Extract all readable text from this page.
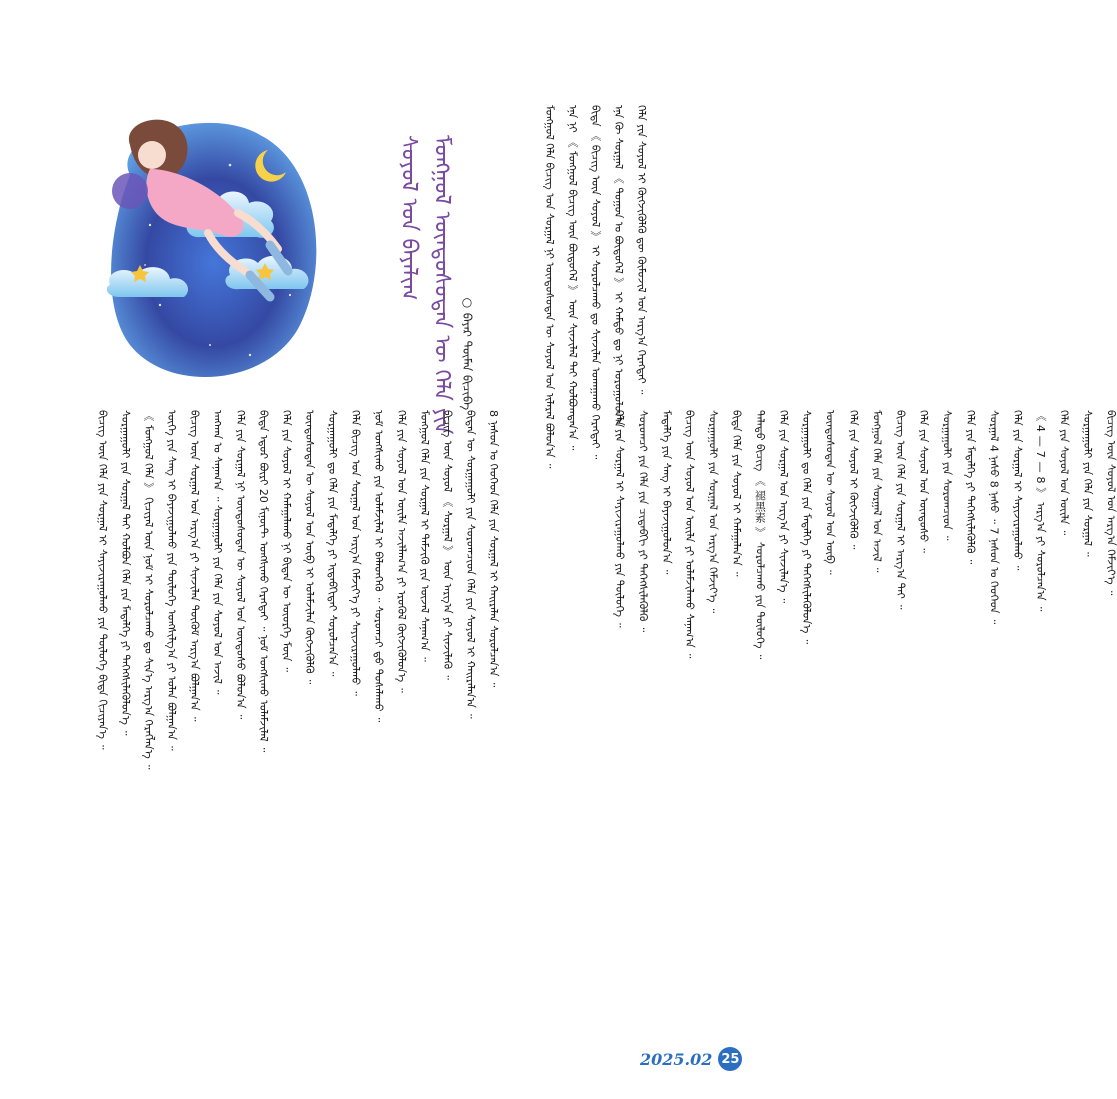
ᠮᠣᠩᠭᠣᠯ ᠦᠨᠳᠦᠰᠦᠲᠡᠨ ᠦ ᠬᠡᠯᠡ ᠶᠢᠨ
ᠰᠣᠶᠣᠯ ᠤᠨ ᠪᠠᠶᠠᠯᠢᠭ
○ ᠪᠠᠶᠠᠷ ᠲᠦᠮᠡᠨ ᠪᠢᠴᠢᠪᠡ	ᠮᠣᠩᠭᠣᠯ ᠬᠡᠯᠡ ᠪᠢᠴᠢᠭ ᠤᠨ ᠰᠤᠷᠭᠠᠯ ᠨᠢ ᠦᠨᠳᠦᠰᠦᠲᠡᠨ ᠦ ᠰᠣᠶᠣᠯ ᠤᠨ ᠢᠯᠡᠷᠡᠯ ᠪᠣᠯᠤᠨ᠎ᠠ ᠃ ᠡᠨᠡ ᠨᠢ 《 ᠮᠣᠩᠭᠣᠯ ᠪᠢᠴᠢᠭ ᠦᠨ ᠪᠦᠲᠦᠭᠡᠯ 》 ᠦᠨ ᠰᠢᠨᠵᠢᠯᠡᠯ ᠲᠡᠢ ᠬᠣᠯᠪᠣᠭᠳᠠᠨ᠎ᠠ ᠃ ᠪᠢᠳᠡ 《 ᠪᠢᠴᠢᠭ᠌ ᠦᠨ ᠰᠣᠶᠣᠯ 》 ᠢ ᠰᠤᠷᠤᠯᠴᠠᠬᠤ ᠳᠤ ᠰᠢᠨᠵᠢᠯᠡᠨ ᠤᠬᠠᠭᠠᠬᠤ ᠬᠡᠷᠡᠭᠲᠡᠢ ᠃ ᠡᠨᠡ ᠬᠦ ᠰᠤᠷᠭᠠᠯ 《 ᠲᠣᠭᠣᠨ ᠤ ᠪᠦᠲᠦᠭᠡᠯ 》 ᠢ ᠬᠠᠮᠲᠤ ᠳᠤ ᠨᠢ ᠣᠷᠣᠭᠤᠯᠤᠨ᠎ᠠ ᠃ ᠬᠡᠯᠡ ᠶᠢᠨ ᠰᠣᠶᠣᠯ ᠢ ᠬᠥᠭᠵᠢᠭᠦᠯᠬᠦ ᠳᠦ ᠬᠦᠮᠦᠵᠢᠯ ᠤᠨ ᠠᠷᠭ᠎ᠠ ᠬᠡᠷᠡᠭᠲᠡᠢ ᠃
ᠪᠢᠴᠢᠭ᠌ ᠦᠨ ᠬᠡᠯᠡ ᠶᠢᠨ ᠰᠤᠷᠭᠠᠯ ᠢ ᠰᠠᠶᠢᠵᠢᠷᠠᠭᠤᠯᠬᠤ ᠶᠢᠨ ᠲᠥᠯᠥᠭᠡ ᠪᠢᠳᠡ ᠬᠢᠴᠢᠶᠡᠨ᠎ᠡ ᠃ ᠰᠤᠷᠭᠠᠭᠤᠯᠢ ᠶᠢᠨ ᠰᠤᠷᠭᠠᠯ ᠲᠠᠢ ᠬᠣᠯᠪᠣᠨ ᠬᠡᠯᠡ ᠶᠢᠨ ᠮᠡᠳᠡᠯᠭᠡ ᠶᠢ ᠳᠡᠭᠡᠭᠰᠢᠯᠡᠭᠦᠯᠦᠨ᠎ᠡ ᠃ 《 ᠮᠣᠩᠭᠣᠯ ᠬᠡᠯᠡ 》 ᠬᠢᠴᠢᠶᠡᠯ ᠦᠨ ᠨᠣᠮ ᠢ ᠰᠤᠷᠤᠯᠴᠠᠬᠤ ᠳᠤ ᠰᠢᠨ᠎ᠡ ᠠᠷᠭ᠎ᠠ ᠬᠡᠷᠡᠭᠯᠡᠨ᠎ᠡ ᠃ ᠦᠭᠡ ᠶᠢᠨ ᠰᠠᠩ ᠢ ᠪᠠᠶᠠᠵᠢᠭᠤᠯᠬᠤ ᠶᠢᠨ ᠲᠥᠯᠥᠭᠡ ᠤᠩᠰᠢᠯᠭ᠎ᠠ ᠶᠢ ᠣᠯᠠᠨ ᠪᠣᠯᠭᠠᠨ᠎ᠠ ᠃ ᠪᠢᠴᠢᠭ᠌ ᠦᠨ ᠰᠤᠷᠭᠠᠯ ᠤᠨ ᠠᠷᠭ᠎ᠠ ᠶᠢ ᠰᠢᠨᠵᠢᠯᠡᠨ ᠳᠦᠭᠦᠮ ᠠᠷᠭ᠎ᠠ ᠪᠣᠯᠭᠠᠨ᠎ᠠ ᠃ ᠠᠩᠬᠠᠨ ᠤ ᠰᠠᠨᠠᠭ᠎ᠠ ᠃ ᠰᠤᠷᠭᠠᠭᠤᠯᠢ ᠶᠢᠨ ᠬᠡᠯᠡ ᠶᠢᠨ ᠰᠣᠶᠣᠯ ᠤᠨ ᠠᠵᠢᠯ ᠃ ᠬᠡᠯᠡ ᠶᠢᠨ ᠰᠤᠷᠭᠠᠯ ᠨᠢ ᠦᠨᠳᠦᠰᠦᠲᠡᠨ ᠦ ᠰᠣᠶᠣᠯ ᠤᠨ ᠦᠨᠳᠦᠰᠦ ᠪᠣᠯᠤᠨ᠎ᠠ ᠃ ᠪᠢᠳᠡ ᠡᠳᠦᠷ ᠪᠦᠷᠢ 20 ᠮᠢᠨᠦ᠋ᠲ ᠤᠩᠰᠢᠬᠤ ᠬᠡᠷᠡᠭᠲᠡᠢ ᠃ ᠨᠣᠮ ᠤᠩᠰᠢᠬᠤ ᠤᠯᠠᠮᠵᠢᠯᠠᠯ ᠃ ᠬᠡᠯᠡ ᠶᠢᠨ ᠰᠣᠶᠣᠯ ᠢ ᠬᠠᠮᠠᠭᠠᠯᠠᠬᠤ ᠨᠢ ᠪᠢᠳᠡᠨ ᠦ ᠦᠦᠷᠭᠡ ᠮᠥᠨ ᠃ ᠦᠨᠳᠦᠰᠦᠲᠡᠨ ᠦ ᠰᠣᠶᠣᠯ ᠤᠨ ᠦᠪ ᠢ ᠤᠯᠠᠮᠵᠢᠯᠠᠨ ᠬᠥᠭᠵᠢᠭᠦᠯᠬᠦ ᠃ ᠰᠤᠷᠭᠠᠭᠤᠯᠢ ᠳᠤ ᠬᠡᠯᠡ ᠶᠢᠨ ᠮᠡᠳᠡᠯᠭᠡ ᠶᠢ ᠢᠳᠡᠪᠬᠢᠲᠡᠢ ᠰᠤᠷᠤᠯᠴᠠᠨ᠎ᠠ ᠃ ᠬᠡᠯᠡ ᠪᠢᠴᠢᠭ ᠤᠨ ᠰᠤᠷᠭᠠᠯ ᠤᠨ ᠠᠷᠭ᠎ᠠ ᠬᠡᠮᠵᠢᠶ᠎ᠡ ᠶᠢ ᠰᠠᠶᠢᠵᠢᠷᠠᠭᠤᠯᠬᠤ ᠃ ᠨᠣᠮ ᠤᠩᠰᠢᠬᠤ ᠶᠢᠨ ᠤᠯᠠᠮᠵᠢᠯᠠᠯ ᠢ ᠪᠡᠯᠡᠳᠬᠡᠬᠦ ᠃ ᠰᠤᠷᠤᠭᠴᠢ ᠳ᠋ᠤ ᠲᠤᠰᠠᠯᠠᠬᠤ ᠃ ᠬᠡᠯᠡ ᠶᠢᠨ ᠰᠣᠶᠣᠯ ᠤᠨ ᠦᠢᠯᠡ ᠠᠵᠢᠯᠯᠠᠭ᠎ᠠ ᠶᠢ ᠡᠷᠦᠭᠦᠯ ᠬᠥᠭᠵᠢᠭᠦᠯᠦᠨ᠎ᠡ ᠃ ᠮᠣᠩᠭᠣᠯ ᠬᠡᠯᠡ ᠶᠢᠨ ᠰᠤᠷᠭᠠᠯ ᠢ ᠳᠡᠮᠵᠢᠬᠦ ᠶᠢᠨ ᠦᠵᠡᠯ ᠰᠠᠨᠠᠭ᠎ᠠ ᠃ ᠪᠢᠴᠢᠭ᠌ ᠦᠨ ᠰᠣᠶᠣᠯ 《 ᠰᠤᠷᠭᠠᠯ 》 ᠦᠨ ᠠᠷᠭ᠎ᠠ ᠶᠢ ᠰᠢᠨᠵᠢᠯᠡᠬᠦ ᠃ ᠪᠢᠳᠡᠨ ᠦ ᠰᠤᠷᠭᠠᠭᠤᠯᠢ ᠶᠢᠨ ᠰᠤᠷᠤᠭᠴᠢᠳ ᠬᠡᠯᠡ ᠶᠢᠨ ᠰᠣᠶᠣᠯ ᠢ ᠬᠠᠢᠷᠠᠯᠠᠨ᠎ᠠ ᠃ 8 ᠨᠠᠰᠤᠨ ᠤ ᠬᠡᠦᠬᠡᠳ ᠬᠡᠯᠡ ᠶᠢᠨ ᠰᠤᠷᠭᠠᠯ ᠢ ᠬᠠᠢᠷᠠᠯᠠᠨ ᠰᠤᠷᠤᠯᠴᠠᠨ᠎ᠠ ᠃	ᠬᠡᠯᠡ ᠶᠢᠨ ᠰᠤᠷᠭᠠᠯ ᠢ ᠰᠠᠶᠢᠵᠢᠷᠠᠭᠤᠯᠬᠤ ᠶᠢᠨ ᠲᠥᠯᠥᠭᠡ ᠃ ᠰᠤᠷᠤᠭᠴᠢ ᠶᠢᠨ ᠬᠡᠯᠡ ᠶᠢᠨ ᠴᠢᠳᠠᠪᠬᠢ ᠶᠢ ᠳᠡᠭᠡᠭᠰᠢᠯᠡᠭᠦᠯᠬᠦ ᠃ ᠮᠡᠳᠡᠯᠭᠡ ᠶᠢᠨ ᠰᠠᠩ ᠢ ᠪᠠᠶᠠᠵᠢᠭᠤᠯᠤᠨ᠎ᠠ ᠃ ᠪᠢᠴᠢᠭ᠌ ᠦᠨ ᠰᠣᠶᠣᠯ ᠤᠨ ᠦᠢᠯᠡ ᠶᠢ ᠤᠯᠠᠮᠵᠢᠯᠠᠬᠤ ᠰᠠᠨᠠᠭ᠎ᠠ ᠃ ᠰᠤᠷᠭᠠᠭᠤᠯᠢ ᠶᠢᠨ ᠰᠤᠷᠭᠠᠯ ᠤᠨ ᠠᠷᠭ᠎ᠠ ᠬᠡᠮᠵᠢᠶ᠎ᠡ ᠃ ᠪᠢᠳᠡ ᠬᠡᠯᠡ ᠶᠢᠨ ᠰᠣᠶᠣᠯ ᠢ ᠬᠠᠮᠠᠭᠠᠯᠠᠨ᠎ᠠ ᠃ ᠲᠠᠯᠠᠳᠤ ᠪᠢᠴᠢᠭ 《 褪黑素 》 ᠰᠤᠷᠤᠯᠴᠠᠬᠤ ᠶᠢᠨ ᠲᠥᠯᠥᠭᠡ ᠃ ᠬᠡᠯᠡ ᠶᠢᠨ ᠰᠤᠷᠭᠠᠯ ᠤᠨ ᠠᠷᠭ᠎ᠠ ᠶᠢ ᠰᠢᠨᠵᠢᠯᠡᠨ᠎ᠡ ᠃ ᠰᠤᠷᠭᠠᠭᠤᠯᠢ ᠳᠤ ᠬᠡᠯᠡ ᠶᠢᠨ ᠮᠡᠳᠡᠯᠭᠡ ᠶᠢ ᠳᠡᠭᠡᠭᠰᠢᠯᠡᠭᠦᠯᠦᠨ᠎ᠡ ᠃ ᠦᠨᠳᠦᠰᠦᠲᠡᠨ ᠦ ᠰᠣᠶᠣᠯ ᠤᠨ ᠦᠪ ᠃ ᠬᠡᠯᠡ ᠶᠢᠨ ᠰᠣᠶᠣᠯ ᠢ ᠬᠥᠭᠵᠢᠭᠦᠯᠬᠦ ᠃ ᠮᠣᠩᠭᠣᠯ ᠬᠡᠯᠡ ᠶᠢᠨ ᠰᠤᠷᠭᠠᠯ ᠤᠨ ᠠᠵᠢᠯ ᠃ ᠪᠢᠴᠢᠭ᠌ ᠦᠨ ᠬᠡᠯᠡ ᠶᠢᠨ ᠰᠤᠷᠭᠠᠯ ᠢ ᠠᠷᠭ᠎ᠠ ᠲᠠᠢ ᠃ ᠬᠡᠯᠡ ᠶᠢᠨ ᠰᠣᠶᠣᠯ ᠤᠨ ᠦᠨᠳᠦᠰᠦ ᠃ ᠰᠤᠷᠭᠠᠭᠤᠯᠢ ᠶᠢᠨ ᠰᠤᠷᠤᠭᠴᠢᠳ ᠃ ᠬᠡᠯᠡ ᠶᠢᠨ ᠮᠡᠳᠡᠯᠭᠡ ᠶᠢ ᠳᠡᠭᠡᠭᠰᠢᠯᠡᠭᠦᠯᠬᠦ ᠃ ᠰᠤᠷᠭᠠᠯ 4 ᠨᠠᠰᠤ 8 ᠨᠠᠰᠤ ᠃ 7 ᠨᠠᠰᠤᠨ ᠤ ᠬᠡᠦᠬᠡᠳ ᠃ ᠬᠡᠯᠡ ᠶᠢᠨ ᠰᠤᠷᠭᠠᠯ ᠢ ᠰᠠᠶᠢᠵᠢᠷᠠᠭᠤᠯᠬᠤ ᠃ 《 4 — 7 — 8 》 ᠠᠷᠭ᠎ᠠ ᠶᠢ ᠰᠤᠷᠤᠯᠴᠠᠨ᠎ᠠ ᠃ ᠬᠡᠯᠡ ᠶᠢᠨ ᠰᠣᠶᠣᠯ ᠤᠨ ᠦᠢᠯᠡ ᠃ ᠰᠤᠷᠭᠠᠭᠤᠯᠢ ᠶᠢᠨ ᠬᠡᠯᠡ ᠶᠢᠨ ᠰᠤᠷᠭᠠᠯ ᠃ ᠪᠢᠴᠢᠭ᠌ ᠦᠨ ᠰᠣᠶᠣᠯ ᠤᠨ ᠠᠷᠭ᠎ᠠ ᠬᠡᠮᠵᠢᠶ᠎ᠡ ᠃
2025.02 25
